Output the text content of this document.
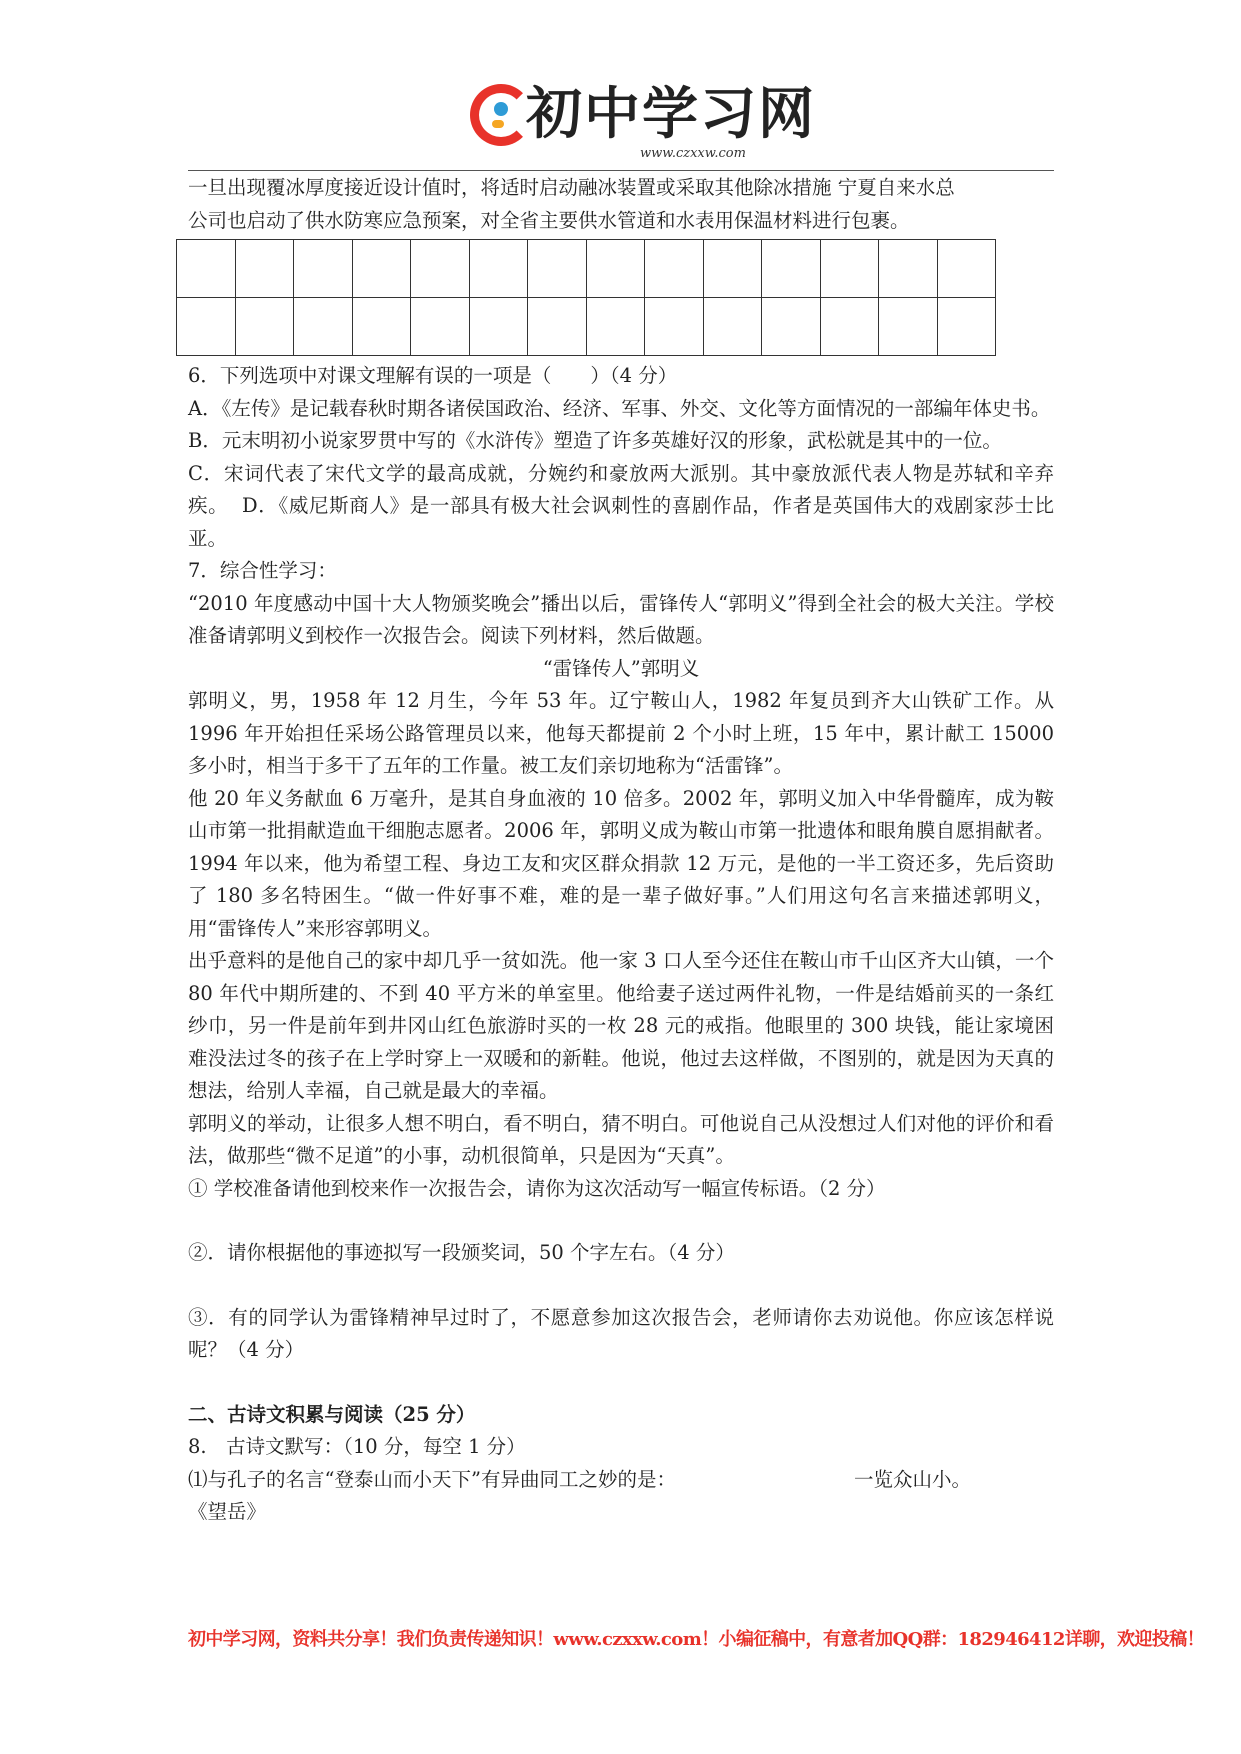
初中学习网
www.czxxw.com

一旦出现覆冰厚度接近设计值时，将适时启动融冰装置或采取其他除冰措施 宁夏自来水总

公司也启动了供水防寒应急预案，对全省主要供水管道和水表用保温材料进行包裹。

6．下列选项中对课文理解有误的一项是（　　）（4 分）

A．《左传》是记载春秋时期各诸侯国政治、经济、军事、外交、文化等方面情况的一部编年体史书。

B．元末明初小说家罗贯中写的《水浒传》塑造了许多英雄好汉的形象，武松就是其中的一位。

C．宋词代表了宋代文学的最高成就，分婉约和豪放两大派别。其中豪放派代表人物是苏轼和辛弃疾。 D．《威尼斯商人》是一部具有极大社会讽刺性的喜剧作品，作者是英国伟大的戏剧家莎士比亚。

7．综合性学习：

“2010 年度感动中国十大人物颁奖晚会”播出以后，雷锋传人“郭明义”得到全社会的极大关注。学校准备请郭明义到校作一次报告会。阅读下列材料，然后做题。

“雷锋传人”郭明义

郭明义，男，1958 年 12 月生，今年 53 年。辽宁鞍山人，1982 年复员到齐大山铁矿工作。从 1996 年开始担任采场公路管理员以来，他每天都提前 2 个小时上班，15 年中，累计献工 15000 多小时，相当于多干了五年的工作量。被工友们亲切地称为“活雷锋”。

他 20 年义务献血 6 万毫升，是其自身血液的 10 倍多。2002 年，郭明义加入中华骨髓库，成为鞍山市第一批捐献造血干细胞志愿者。2006 年，郭明义成为鞍山市第一批遗体和眼角膜自愿捐献者。 1994 年以来，他为希望工程、身边工友和灾区群众捐款 12 万元，是他的一半工资还多，先后资助了 180 多名特困生。“做一件好事不难，难的是一辈子做好事。”人们用这句名言来描述郭明义，用“雷锋传人”来形容郭明义。

出乎意料的是他自己的家中却几乎一贫如洗。他一家 3 口人至今还住在鞍山市千山区齐大山镇，一个 80 年代中期所建的、不到 40 平方米的单室里。他给妻子送过两件礼物，一件是结婚前买的一条红纱巾，另一件是前年到井冈山红色旅游时买的一枚 28 元的戒指。他眼里的 300 块钱，能让家境困难没法过冬的孩子在上学时穿上一双暖和的新鞋。他说，他过去这样做，不图别的，就是因为天真的想法，给别人幸福，自己就是最大的幸福。

郭明义的举动，让很多人想不明白，看不明白，猜不明白。可他说自己从没想过人们对他的评价和看法，做那些“微不足道”的小事，动机很简单，只是因为“天真”。

① 学校准备请他到校来作一次报告会，请你为这次活动写一幅宣传标语。（2 分）

②．请你根据他的事迹拟写一段颁奖词，50 个字左右。（4 分）

③．有的同学认为雷锋精神早过时了，不愿意参加这次报告会，老师请你去劝说他。你应该怎样说呢？（4 分）

二、古诗文积累与阅读（25 分）

8.　古诗文默写：（10 分，每空 1 分）

⑴与孔子的名言“登泰山而小天下”有异曲同工之妙的是：	一览众山小。

《望岳》

初中学习网，资料共分享！我们负责传递知识！www.czxxw.com！小编征稿中，有意者加QQ群：182946412详聊，欢迎投稿！
